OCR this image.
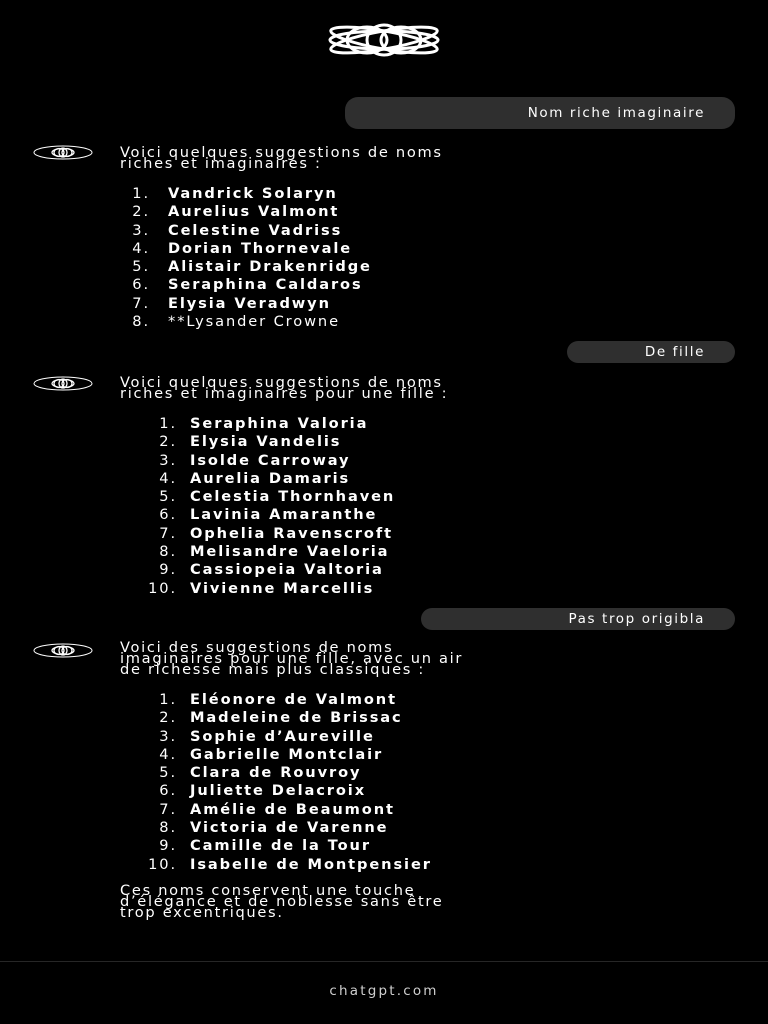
Nom riche imaginaire
Voici quelques suggestions de noms
riches et imaginaires :
1. Vandrick Solaryn
2. Aurelius Valmont
3. Celestine Vadriss
4. Dorian Thornevale
5. Alistair Drakenridge
6. Seraphina Caldaros
7. Elysia Veradwyn
8. **Lysander Crowne
De fille
Voici quelques suggestions de noms
riches et imaginaires pour une fille :
1. Seraphina Valoria
2. Elysia Vandelis
3. Isolde Carroway
4. Aurelia Damaris
5. Celestia Thornhaven
6. Lavinia Amaranthe
7. Ophelia Ravenscroft
8. Melisandre Vaeloria
9. Cassiopeia Valtoria
10. Vivienne Marcellis
Pas trop origibla
Voici des suggestions de noms
imaginaires pour une fille, avec un air
de richesse mais plus classiques :
1. Eléonore de Valmont
2. Madeleine de Brissac
3. Sophie d’Aureville
4. Gabrielle Montclair
5. Clara de Rouvroy
6. Juliette Delacroix
7. Amélie de Beaumont
8. Victoria de Varenne
9. Camille de la Tour
10. Isabelle de Montpensier
Ces noms conservent une touche
d’élégance et de noblesse sans être
trop excentriques.
chatgpt.com
